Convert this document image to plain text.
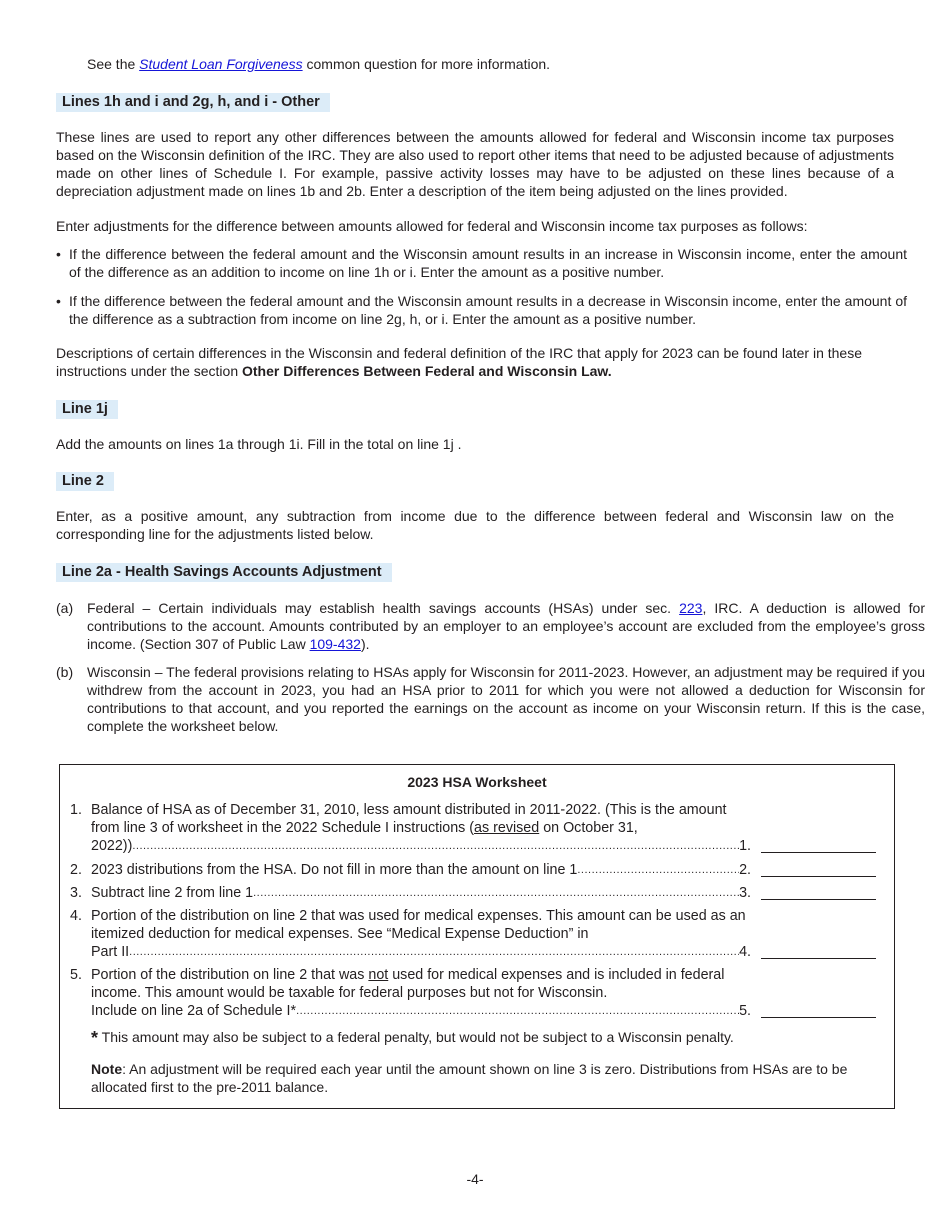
See the Student Loan Forgiveness common question for more information.

Lines 1h and i and 2g, h, and i - Other

These lines are used to report any other differences between the amounts allowed for federal and Wisconsin income tax purposes based on the Wisconsin definition of the IRC. They are also used to report other items that need to be adjusted because of adjustments made on other lines of Schedule I. For example, passive activity losses may have to be adjusted on these lines because of a depreciation adjustment made on lines 1b and 2b. Enter a description of the item being adjusted on the lines provided.

Enter adjustments for the difference between amounts allowed for federal and Wisconsin income tax purposes as follows:

• If the difference between the federal amount and the Wisconsin amount results in an increase in Wisconsin income, enter the amount of the difference as an addition to income on line 1h or i. Enter the amount as a positive number.
• If the difference between the federal amount and the Wisconsin amount results in a decrease in Wisconsin income, enter the amount of the difference as a subtraction from income on line 2g, h, or i. Enter the amount as a positive number.

Descriptions of certain differences in the Wisconsin and federal definition of the IRC that apply for 2023 can be found later in these instructions under the section Other Differences Between Federal and Wisconsin Law.

Line 1j

Add the amounts on lines 1a through 1i. Fill in the total on line 1j .

Line 2

Enter, as a positive amount, any subtraction from income due to the difference between federal and Wisconsin law on the corresponding line for the adjustments listed below.

Line 2a - Health Savings Accounts Adjustment
(a) Federal – Certain individuals may establish health savings accounts (HSAs) under sec. 223, IRC. A deduction is allowed for contributions to the account. Amounts contributed by an employer to an employee’s account are excluded from the employee’s gross income. (Section 307 of Public Law 109-432).
(b) Wisconsin – The federal provisions relating to HSAs apply for Wisconsin for 2011-2023. However, an adjustment may be required if you withdrew from the account in 2023, you had an HSA prior to 2011 for which you were not allowed a deduction for Wisconsin for contributions to that account, and you reported the earnings on the account as income on your Wisconsin return. If this is the case, complete the worksheet below.
2023 HSA Worksheet
1. Balance of HSA as of December 31, 2010, less amount distributed in 2011-2022. (This is the amount from line 3 of worksheet in the 2022 Schedule I instructions (as revised on October 31,
2022)) .....	1.
2. 2023 distributions from the HSA. Do not fill in more than the amount on line 1 .....	2.
3. Subtract line 2 from line 1 .....	3.
4. Portion of the distribution on line 2 that was used for medical expenses. This amount can be used as an itemized deduction for medical expenses. See “Medical Expense Deduction” in
Part II .....	4.
5. Portion of the distribution on line 2 that was not used for medical expenses and is included in federal income. This amount would be taxable for federal purposes but not for Wisconsin.
Include on line 2a of Schedule I* .....	5.
* This amount may also be subject to a federal penalty, but would not be subject to a Wisconsin penalty.
Note: An adjustment will be required each year until the amount shown on line 3 is zero. Distributions from HSAs are to be allocated first to the pre-2011 balance.
-4-
